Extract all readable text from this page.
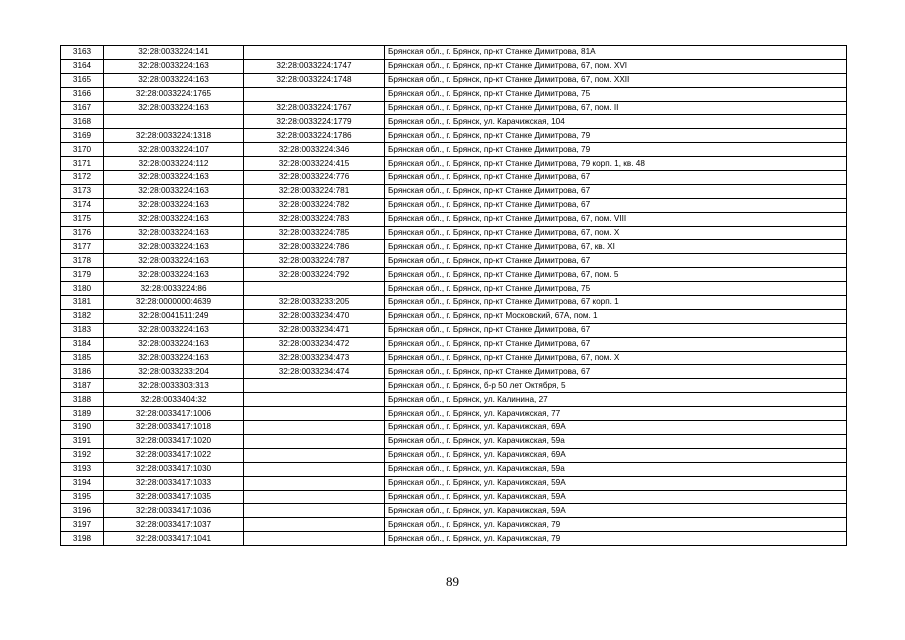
3163	32:28:0033224:141		Брянская обл., г. Брянск, пр-кт Станке Димитрова, 81А
3164	32:28:0033224:163	32:28:0033224:1747	Брянская обл., г. Брянск, пр-кт Станке Димитрова, 67, пом. XVI
3165	32:28:0033224:163	32:28:0033224:1748	Брянская обл., г. Брянск, пр-кт Станке Димитрова, 67, пом. XXII
3166	32:28:0033224:1765		Брянская обл., г. Брянск, пр-кт Станке Димитрова, 75
3167	32:28:0033224:163	32:28:0033224:1767	Брянская обл., г. Брянск, пр-кт Станке Димитрова, 67, пом. II
3168		32:28:0033224:1779	Брянская обл., г. Брянск, ул. Карачижская, 104
3169	32:28:0033224:1318	32:28:0033224:1786	Брянская обл., г. Брянск, пр-кт Станке Димитрова, 79
3170	32:28:0033224:107	32:28:0033224:346	Брянская обл., г. Брянск, пр-кт Станке Димитрова, 79
3171	32:28:0033224:112	32:28:0033224:415	Брянская обл., г. Брянск, пр-кт Станке Димитрова, 79 корп. 1, кв. 48
3172	32:28:0033224:163	32:28:0033224:776	Брянская обл., г. Брянск, пр-кт Станке Димитрова, 67
3173	32:28:0033224:163	32:28:0033224:781	Брянская обл., г. Брянск, пр-кт Станке Димитрова, 67
3174	32:28:0033224:163	32:28:0033224:782	Брянская обл., г. Брянск, пр-кт Станке Димитрова, 67
3175	32:28:0033224:163	32:28:0033224:783	Брянская обл., г. Брянск, пр-кт Станке Димитрова, 67, пом. VIII
3176	32:28:0033224:163	32:28:0033224:785	Брянская обл., г. Брянск, пр-кт Станке Димитрова, 67, пом. X
3177	32:28:0033224:163	32:28:0033224:786	Брянская обл., г. Брянск, пр-кт Станке Димитрова, 67, кв. XI
3178	32:28:0033224:163	32:28:0033224:787	Брянская обл., г. Брянск, пр-кт Станке Димитрова, 67
3179	32:28:0033224:163	32:28:0033224:792	Брянская обл., г. Брянск, пр-кт Станке Димитрова, 67, пом. 5
3180	32:28:0033224:86		Брянская обл., г. Брянск, пр-кт Станке Димитрова, 75
3181	32:28:0000000:4639	32:28:0033233:205	Брянская обл., г. Брянск, пр-кт Станке Димитрова, 67 корп. 1
3182	32:28:0041511:249	32:28:0033234:470	Брянская обл., г. Брянск, пр-кт Московский, 67А, пом. 1
3183	32:28:0033224:163	32:28:0033234:471	Брянская обл., г. Брянск, пр-кт Станке Димитрова, 67
3184	32:28:0033224:163	32:28:0033234:472	Брянская обл., г. Брянск, пр-кт Станке Димитрова, 67
3185	32:28:0033224:163	32:28:0033234:473	Брянская обл., г. Брянск, пр-кт Станке Димитрова, 67, пом. X
3186	32:28:0033233:204	32:28:0033234:474	Брянская обл., г. Брянск, пр-кт Станке Димитрова, 67
3187	32:28:0033303:313		Брянская обл., г. Брянск, б-р 50 лет Октября, 5
3188	32:28:0033404:32		Брянская обл., г. Брянск, ул. Калинина, 27
3189	32:28:0033417:1006		Брянская обл., г. Брянск, ул. Карачижская, 77
3190	32:28:0033417:1018		Брянская обл., г. Брянск, ул. Карачижская, 69А
3191	32:28:0033417:1020		Брянская обл., г. Брянск, ул. Карачижская, 59а
3192	32:28:0033417:1022		Брянская обл., г. Брянск, ул. Карачижская, 69А
3193	32:28:0033417:1030		Брянская обл., г. Брянск, ул. Карачижская, 59а
3194	32:28:0033417:1033		Брянская обл., г. Брянск, ул. Карачижская, 59А
3195	32:28:0033417:1035		Брянская обл., г. Брянск, ул. Карачижская, 59А
3196	32:28:0033417:1036		Брянская обл., г. Брянск, ул. Карачижская, 59А
3197	32:28:0033417:1037		Брянская обл., г. Брянск, ул. Карачижская, 79
3198	32:28:0033417:1041		Брянская обл., г. Брянск, ул. Карачижская, 79
89
